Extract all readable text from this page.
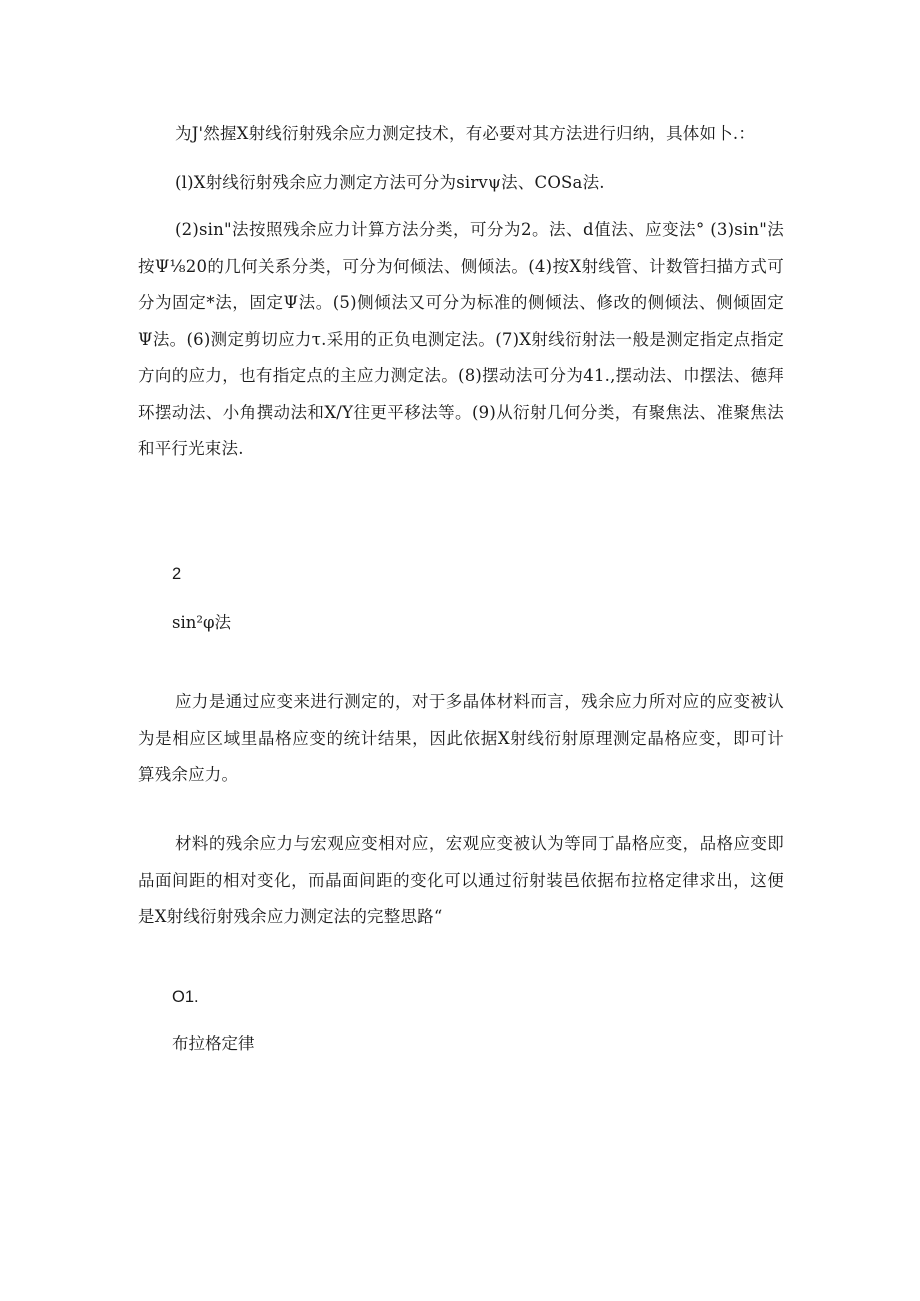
为J'然握X射线衍射残余应力测定技术，有必要对其方法进行归纳，具体如卜.：

(l)X射线衍射残余应力测定方法可分为sirvψ法、COSa法.

(2)sin"法按照残余应力计算方法分类，可分为2。法、d值法、应变法° (3)sin"法按Ψ⅛20的几何关系分类，可分为何倾法、侧倾法。(4)按X射线管、计数管扫描方式可分为固定*法，固定Ψ法。(5)侧倾法又可分为标准的侧倾法、修改的侧倾法、侧倾固定Ψ法。(6)测定剪切应力τ.采用的正负电测定法。(7)X射线衍射法一般是测定指定点指定方向的应力，也有指定点的主应力测定法。(8)摆动法可分为41.,摆动法、巾摆法、德拜环摆动法、小角撰动法和X/Y往更平移法等。(9)从衍射几何分类，有聚焦法、准聚焦法和平行光束法.

2
sin²φ法

应力是通过应变来进行测定的，对于多晶体材料而言，残余应力所对应的应变被认为是相应区域里晶格应变的统计结果，因此依据X射线衍射原理测定晶格应变，即可计算残余应力。

材料的残余应力与宏观应变相对应，宏观应变被认为等同丁晶格应变，品格应变即品面间距的相对变化，而晶面间距的变化可以通过衍射装邑依据布拉格定律求出，这便是X射线衍射残余应力测定法的完整思路“

O1.
布拉格定律
